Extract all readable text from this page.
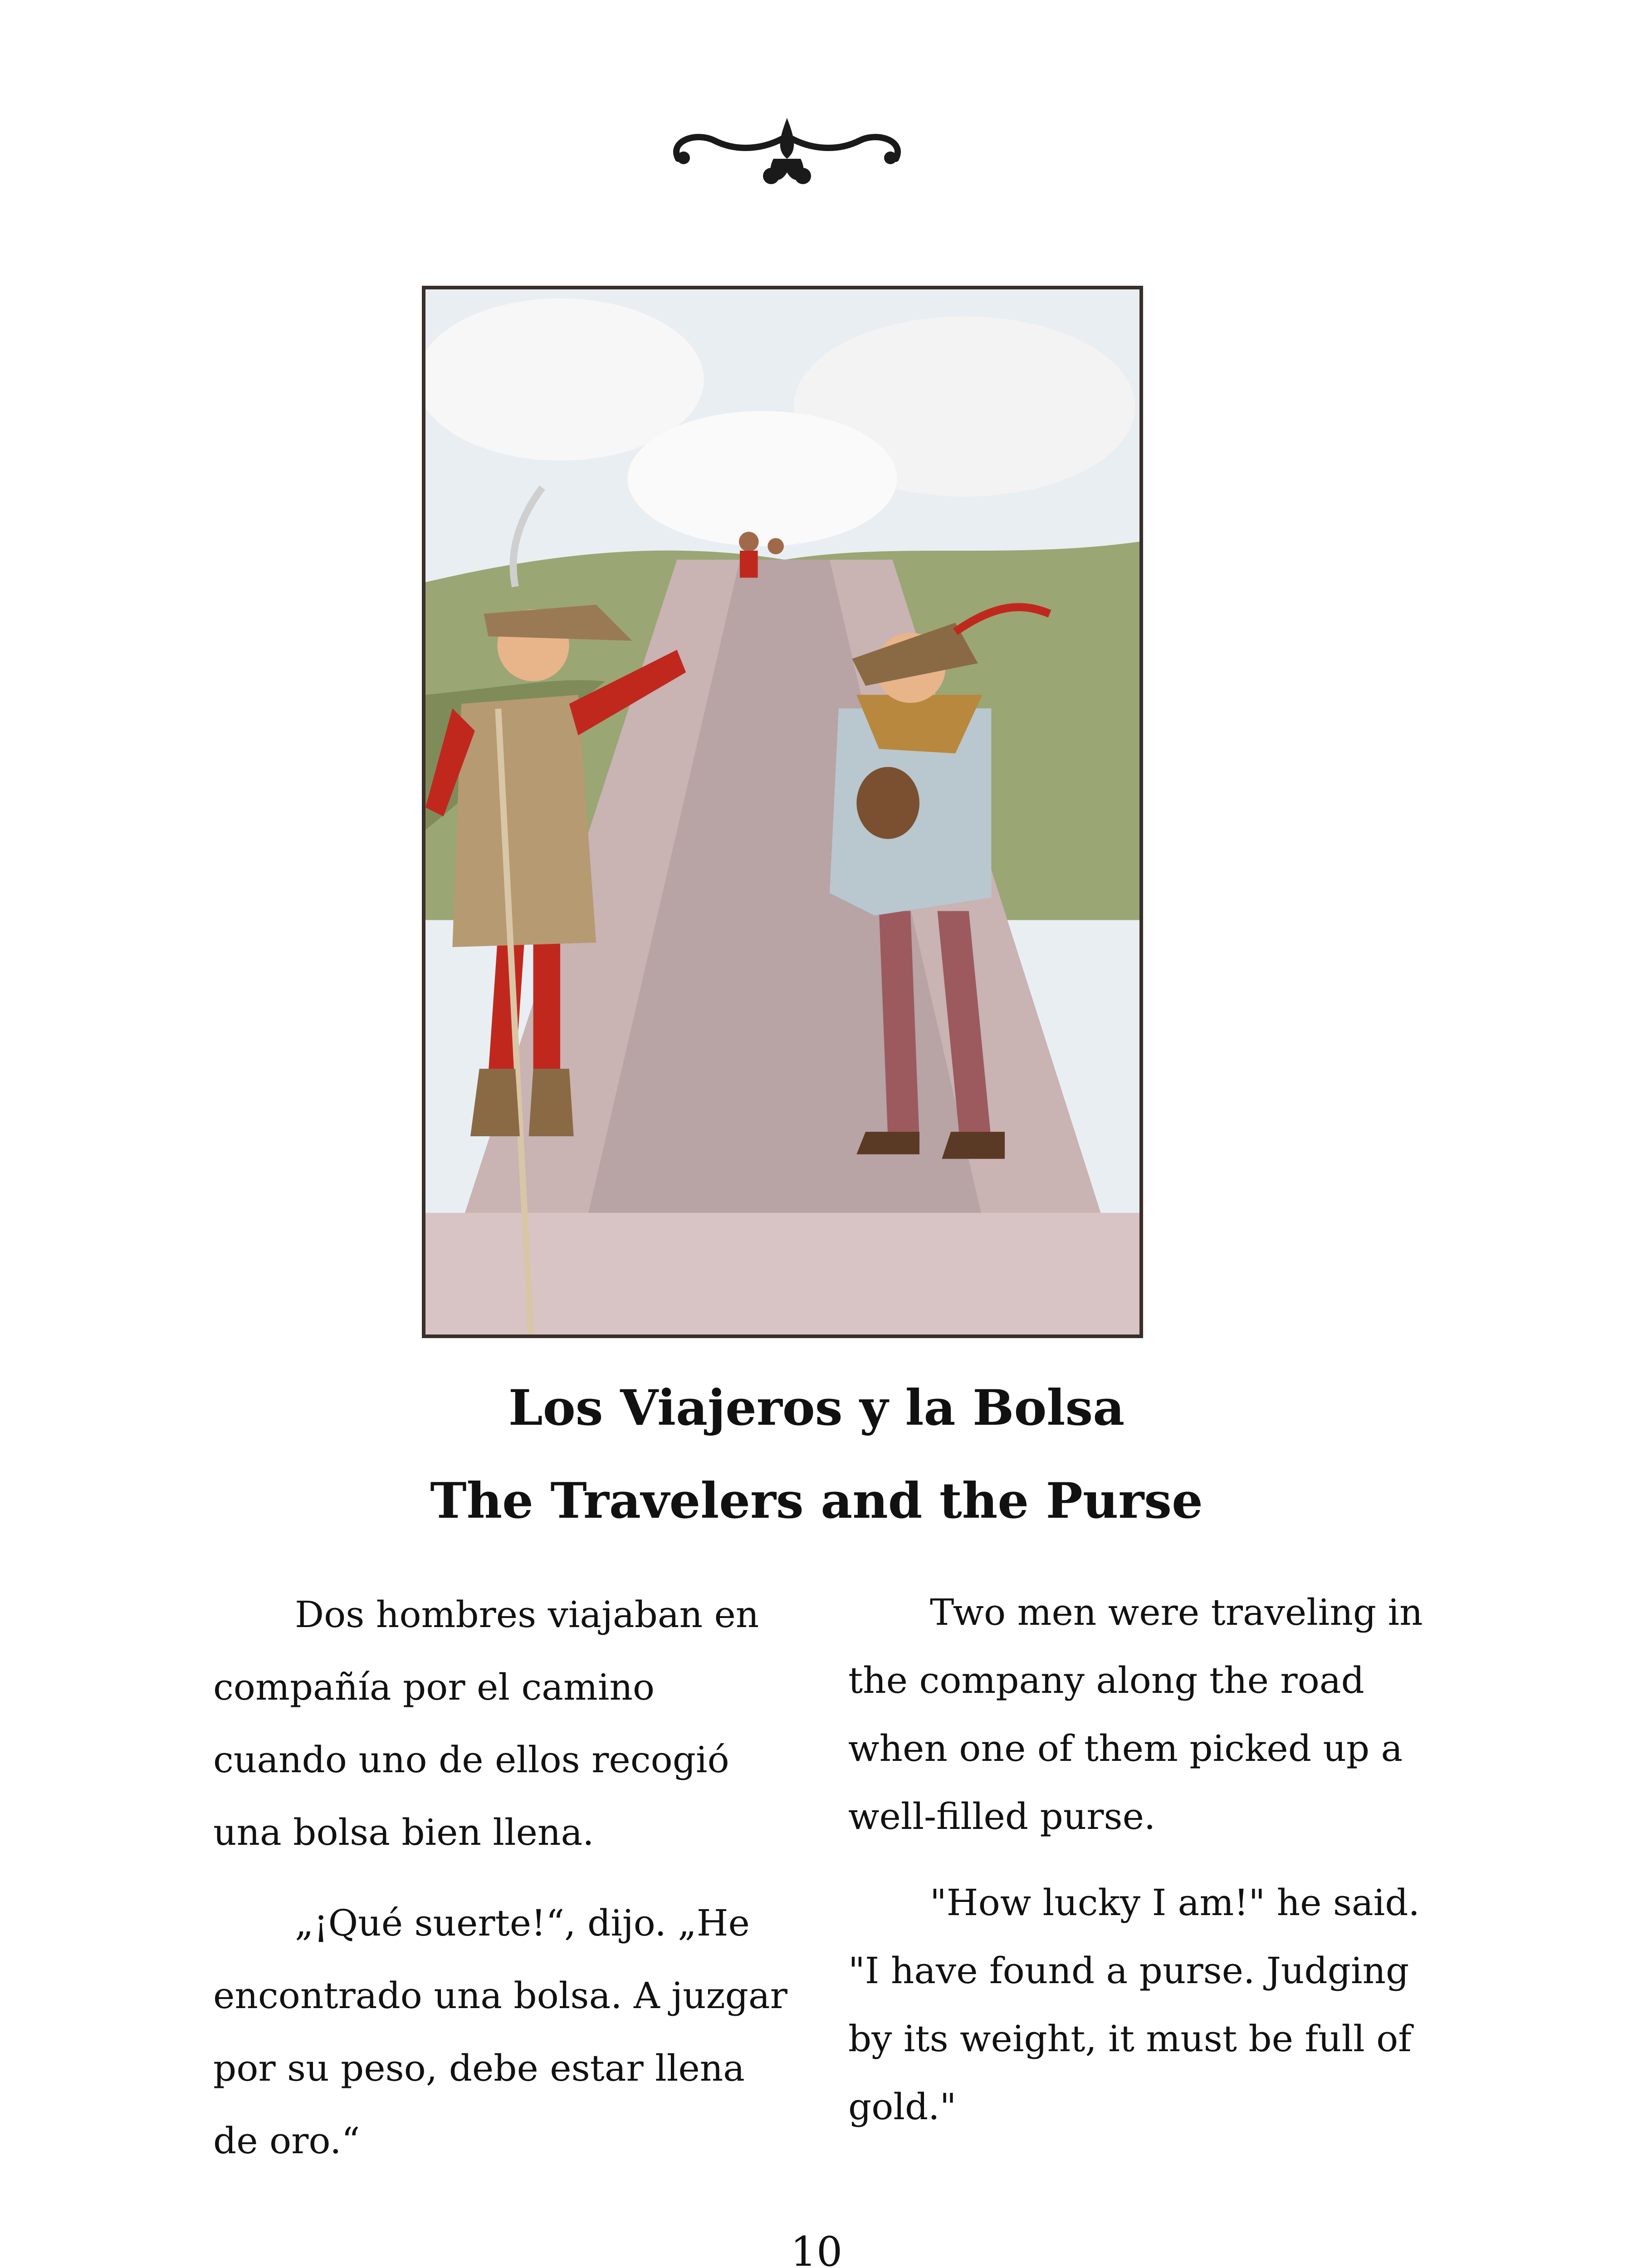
Los Viajeros y la Bolsa
The Travelers and the Purse

Dos hombres viajaban en compañía por el camino cuando uno de ellos recogió una bolsa bien llena.

„¡Qué suerte!“, dijo. „He encontrado una bolsa. A juzgar por su peso, debe estar llena de oro.“

Two men were traveling in the company along the road when one of them picked up a well-filled purse.

"How lucky I am!" he said. "I have found a purse. Judging by its weight, it must be full of gold."

10
